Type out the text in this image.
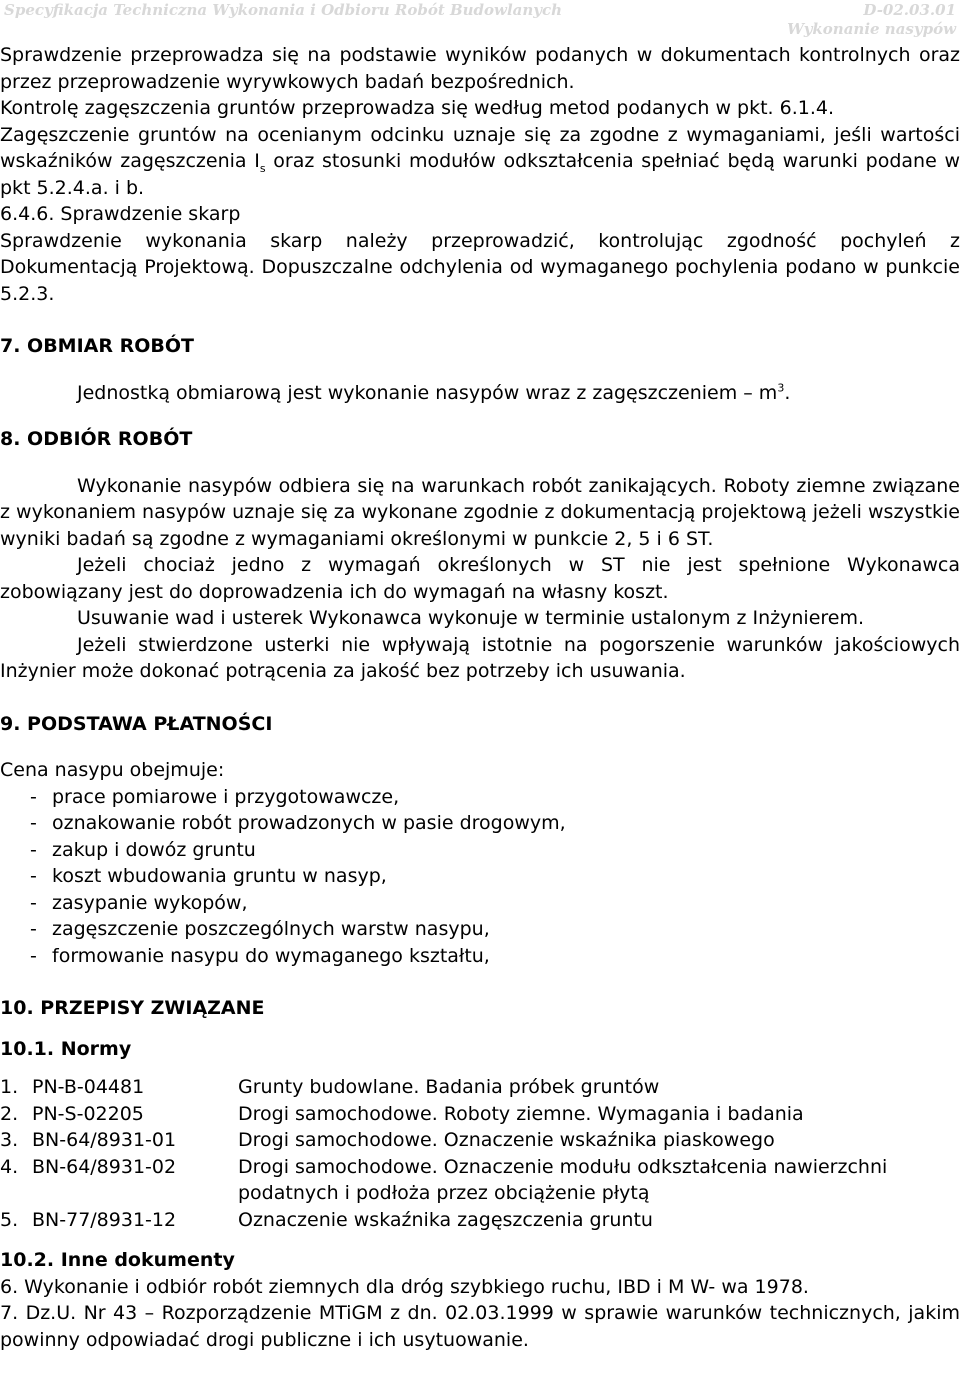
Specyfikacja Techniczna Wykonania i Odbioru Robót Budowlanych	D-02.03.01
Wykonanie nasypów

Sprawdzenie przeprowadza się na podstawie wyników podanych w dokumentach kontrolnych oraz przez przeprowadzenie wyrywkowych badań bezpośrednich.

Kontrolę zagęszczenia gruntów przeprowadza się według metod podanych w pkt. 6.1.4.

Zagęszczenie gruntów na ocenianym odcinku uznaje się za zgodne z wymaganiami, jeśli wartości wskaźników zagęszczenia $I_s$ oraz stosunki modułów odkształcenia spełniać będą warunki podane w pkt 5.2.4.a. i b.

6.4.6. Sprawdzenie skarp

Sprawdzenie wykonania skarp należy przeprowadzić, kontrolując zgodność pochyleń z Dokumentacją Projektową. Dopuszczalne odchylenia od wymaganego pochylenia podano w punkcie 5.2.3.

7. OBMIAR ROBÓT

Jednostką obmiarową jest wykonanie nasypów wraz z zagęszczeniem – $m^3$.

8. ODBIÓR ROBÓT

Wykonanie nasypów odbiera się na warunkach robót zanikających. Roboty ziemne związane z wykonaniem nasypów uznaje się za wykonane zgodnie z dokumentacją projektową jeżeli wszystkie wyniki badań są zgodne z wymaganiami określonymi w punkcie 2, 5 i 6 ST.

Jeżeli chociaż jedno z wymagań określonych w ST nie jest spełnione Wykonawca zobowiązany jest do doprowadzenia ich do wymagań na własny koszt.

Usuwanie wad i usterek Wykonawca wykonuje w terminie ustalonym z Inżynierem.

Jeżeli stwierdzone usterki nie wpływają istotnie na pogorszenie warunków jakościowych Inżynier może dokonać potrącenia za jakość bez potrzeby ich usuwania.

9. PODSTAWA PŁATNOŚCI

Cena nasypu obejmuje:

- prace pomiarowe i przygotowawcze,
- oznakowanie robót prowadzonych w pasie drogowym,
- zakup i dowóz gruntu
- koszt wbudowania gruntu w nasyp,
- zasypanie wykopów,
- zagęszczenie poszczególnych warstw nasypu,
- formowanie nasypu do wymaganego kształtu,

10. PRZEPISY ZWIĄZANE

10.1. Normy

1. PN-B-04481	Grunty budowlane. Badania próbek gruntów
2. PN-S-02205	Drogi samochodowe. Roboty ziemne. Wymagania i badania
3. BN-64/8931-01	Drogi samochodowe. Oznaczenie wskaźnika piaskowego
4. BN-64/8931-02	Drogi samochodowe. Oznaczenie modułu odkształcenia nawierzchni podatnych i podłoża przez obciążenie płytą
5. BN-77/8931-12	Oznaczenie wskaźnika zagęszczenia gruntu

10.2. Inne dokumenty

6. Wykonanie i odbiór robót ziemnych dla dróg szybkiego ruchu, IBD i M W- wa 1978.

7. Dz.U. Nr 43 – Rozporządzenie MTiGM z dn. 02.03.1999 w sprawie warunków technicznych, jakim powinny odpowiadać drogi publiczne i ich usytuowanie.
